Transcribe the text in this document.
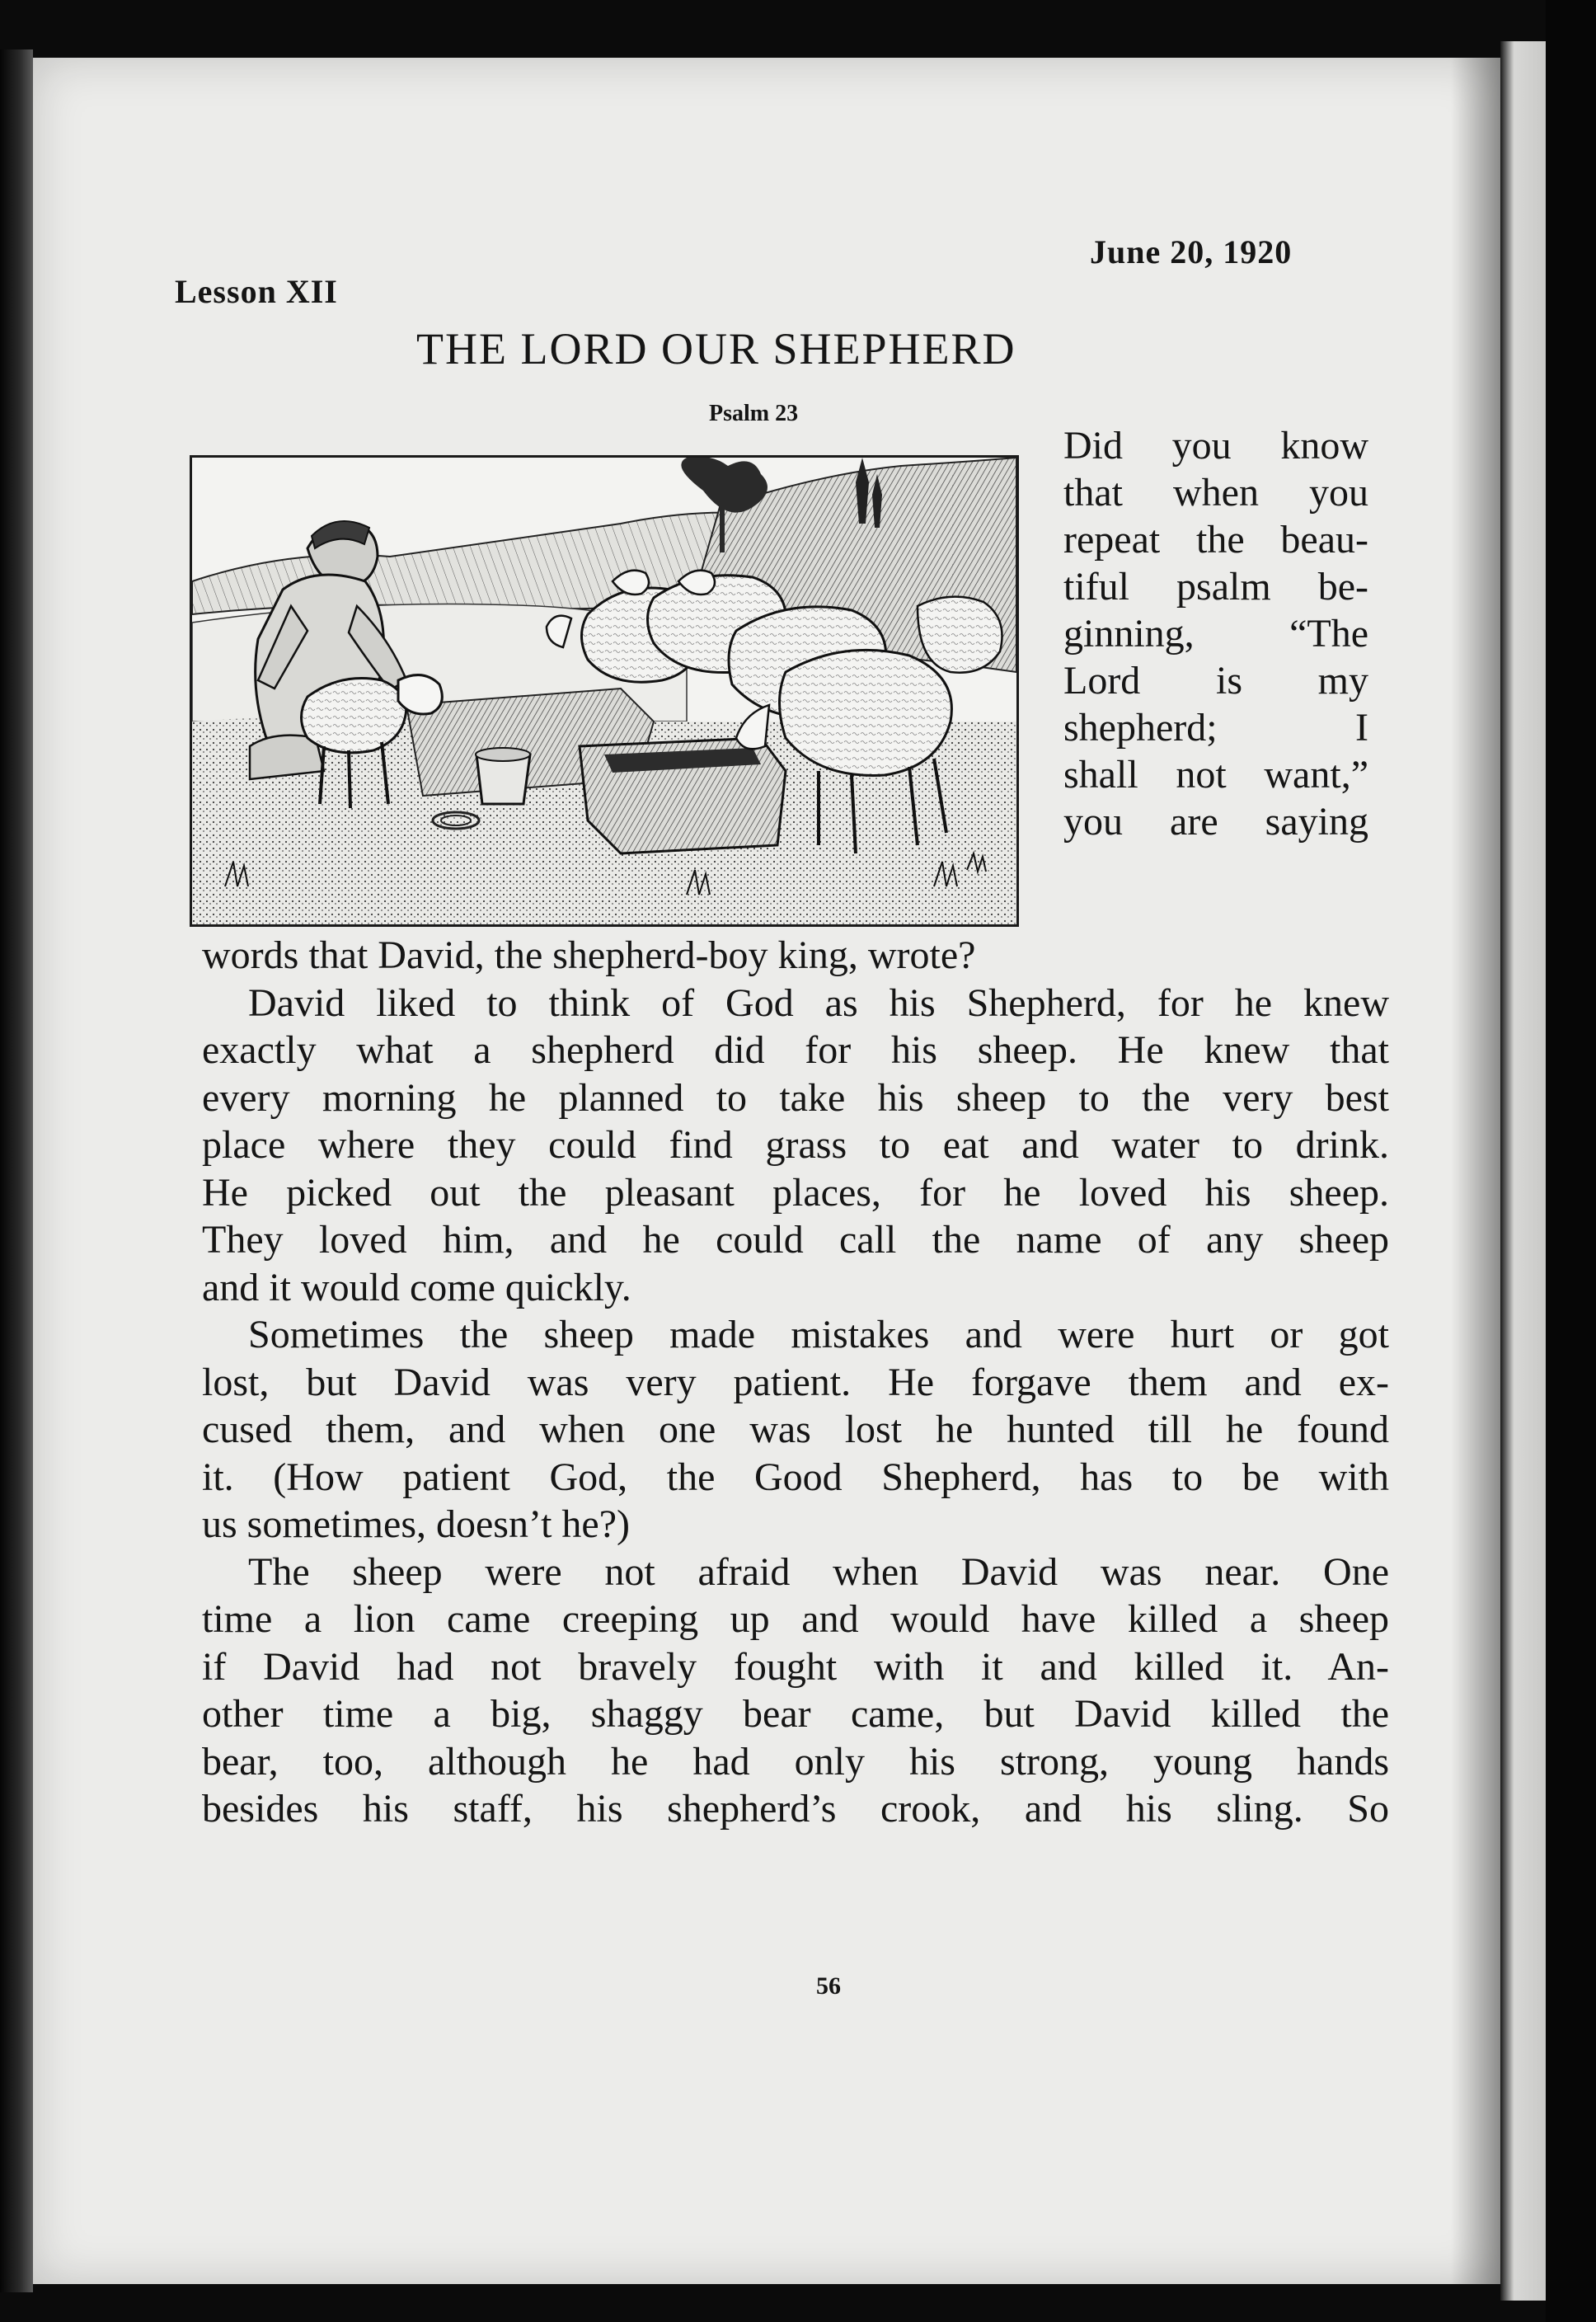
Lesson XII
June 20, 1920
THE LORD OUR SHEPHERD
Psalm 23
Did you know
that when you
repeat the beau-
tiful psalm be-
ginning, “The
Lord is my
shepherd; I
shall not want,”
you are saying
words that David, the shepherd-boy king, wrote?
David liked to think of God as his Shepherd, for he knew
exactly what a shepherd did for his sheep. He knew that
every morning he planned to take his sheep to the very best
place where they could find grass to eat and water to drink.
He picked out the pleasant places, for he loved his sheep.
They loved him, and he could call the name of any sheep
and it would come quickly.
Sometimes the sheep made mistakes and were hurt or got
lost, but David was very patient. He forgave them and ex-
cused them, and when one was lost he hunted till he found
it. (How patient God, the Good Shepherd, has to be with
us sometimes, doesn’t he?)
The sheep were not afraid when David was near. One
time a lion came creeping up and would have killed a sheep
if David had not bravely fought with it and killed it. An-
other time a big, shaggy bear came, but David killed the
bear, too, although he had only his strong, young hands
besides his staff, his shepherd’s crook, and his sling. So
56
